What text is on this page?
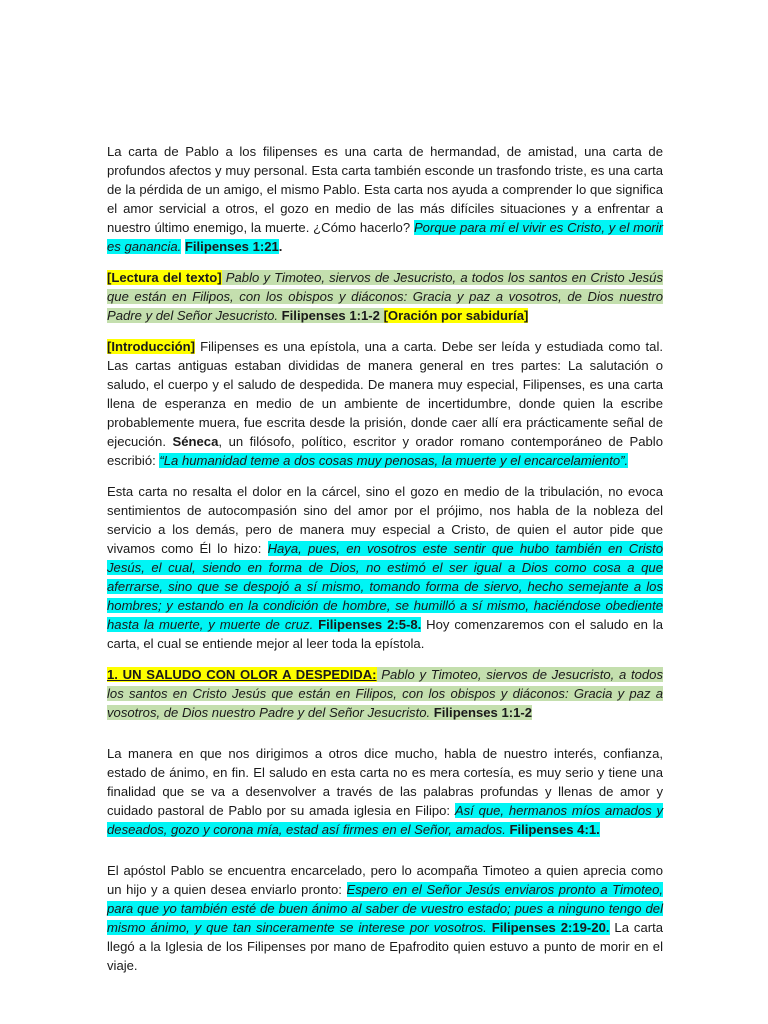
La carta de Pablo a los filipenses es una carta de hermandad, de amistad, una carta de profundos afectos y muy personal. Esta carta también esconde un trasfondo triste, es una carta de la pérdida de un amigo, el mismo Pablo. Esta carta nos ayuda a comprender lo que significa el amor servicial a otros, el gozo en medio de las más difíciles situaciones y a enfrentar a nuestro último enemigo, la muerte. ¿Cómo hacerlo? Porque para mí el vivir es Cristo, y el morir es ganancia. Filipenses 1:21.

[Lectura del texto] Pablo y Timoteo, siervos de Jesucristo, a todos los santos en Cristo Jesús que están en Filipos, con los obispos y diáconos: Gracia y paz a vosotros, de Dios nuestro Padre y del Señor Jesucristo. Filipenses 1:1-2 [Oración por sabiduría]

[Introducción] Filipenses es una epístola, una a carta. Debe ser leída y estudiada como tal. Las cartas antiguas estaban divididas de manera general en tres partes: La salutación o saludo, el cuerpo y el saludo de despedida. De manera muy especial, Filipenses, es una carta llena de esperanza en medio de un ambiente de incertidumbre, donde quien la escribe probablemente muera, fue escrita desde la prisión, donde caer allí era prácticamente señal de ejecución. Séneca, un filósofo, político, escritor y orador romano contemporáneo de Pablo escribió: “La humanidad teme a dos cosas muy penosas, la muerte y el encarcelamiento”.

Esta carta no resalta el dolor en la cárcel, sino el gozo en medio de la tribulación, no evoca sentimientos de autocompasión sino del amor por el prójimo, nos habla de la nobleza del servicio a los demás, pero de manera muy especial a Cristo, de quien el autor pide que vivamos como Él lo hizo: Haya, pues, en vosotros este sentir que hubo también en Cristo Jesús, el cual, siendo en forma de Dios, no estimó el ser igual a Dios como cosa a que aferrarse, sino que se despojó a sí mismo, tomando forma de siervo, hecho semejante a los hombres; y estando en la condición de hombre, se humilló a sí mismo, haciéndose obediente hasta la muerte, y muerte de cruz. Filipenses 2:5-8. Hoy comenzaremos con el saludo en la carta, el cual se entiende mejor al leer toda la epístola.

1. UN SALUDO CON OLOR A DESPEDIDA: Pablo y Timoteo, siervos de Jesucristo, a todos los santos en Cristo Jesús que están en Filipos, con los obispos y diáconos: Gracia y paz a vosotros, de Dios nuestro Padre y del Señor Jesucristo. Filipenses 1:1-2

La manera en que nos dirigimos a otros dice mucho, habla de nuestro interés, confianza, estado de ánimo, en fin. El saludo en esta carta no es mera cortesía, es muy serio y tiene una finalidad que se va a desenvolver a través de las palabras profundas y llenas de amor y cuidado pastoral de Pablo por su amada iglesia en Filipo: Así que, hermanos míos amados y deseados, gozo y corona mía, estad así firmes en el Señor, amados. Filipenses 4:1.

El apóstol Pablo se encuentra encarcelado, pero lo acompaña Timoteo a quien aprecia como un hijo y a quien desea enviarlo pronto: Espero en el Señor Jesús enviaros pronto a Timoteo, para que yo también esté de buen ánimo al saber de vuestro estado; pues a ninguno tengo del mismo ánimo, y que tan sinceramente se interese por vosotros. Filipenses 2:19-20. La carta llegó a la Iglesia de los Filipenses por mano de Epafrodito quien estuvo a punto de morir en el viaje.
